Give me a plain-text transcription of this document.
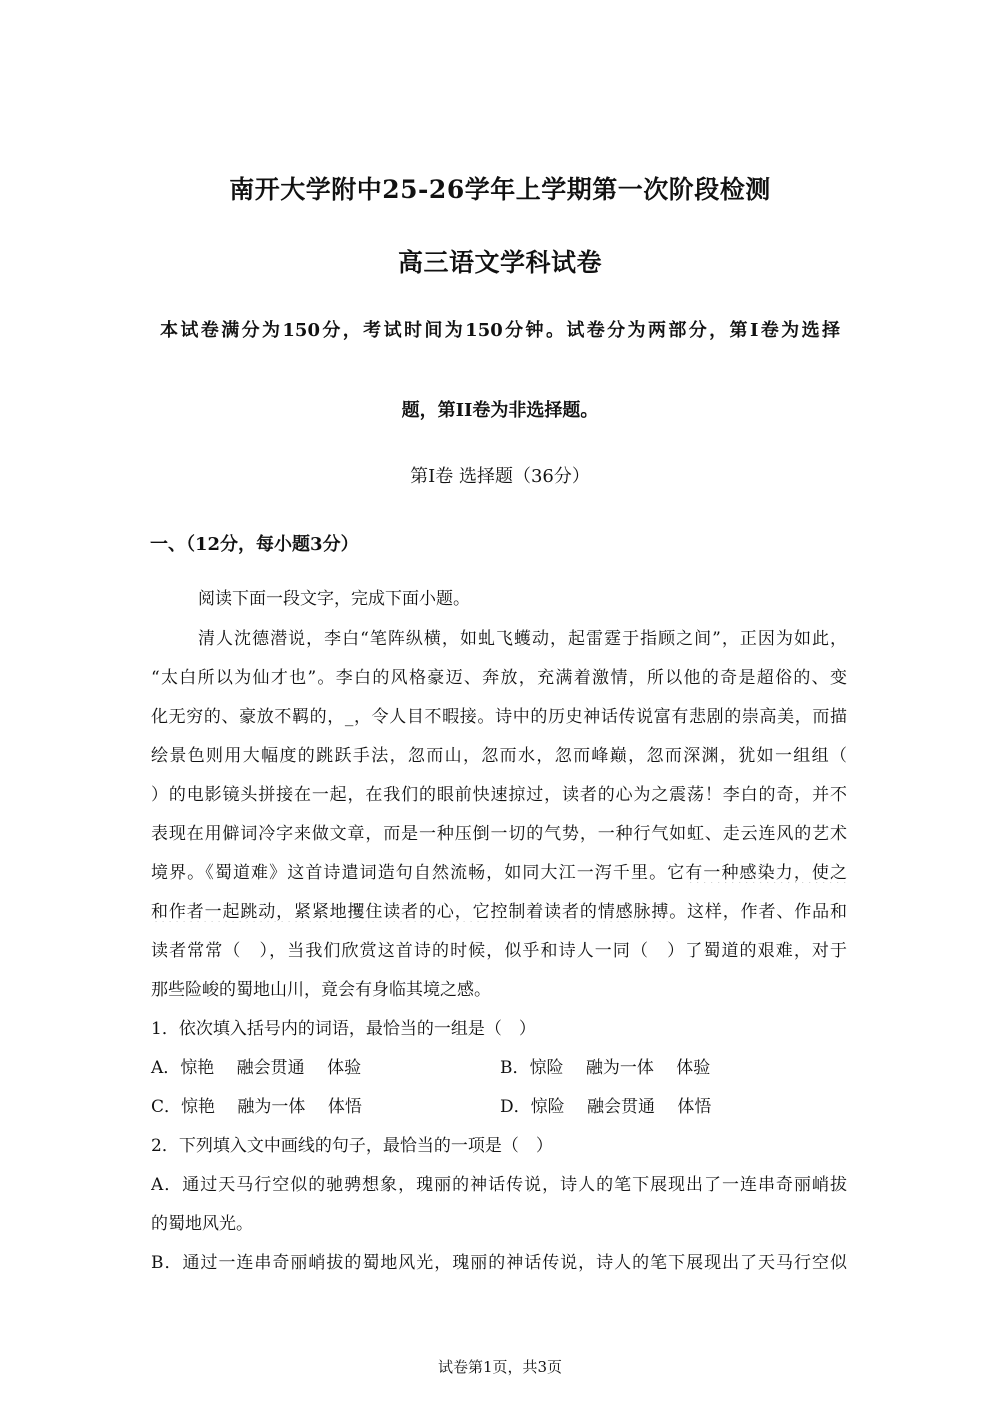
南开大学附中25-26学年上学期第一次阶段检测
高三语文学科试卷
本试卷满分为150分，考试时间为150分钟。试卷分为两部分，第Ⅰ卷为选择
题，第II卷为非选择题。
第Ⅰ卷 选择题（36分）
一、（12分，每小题3分）
阅读下面一段文字，完成下面小题。
清人沈德潜说，李白“笔阵纵横，如虬飞蠖动，起雷霆于指顾之间”，正因为如此，
“太白所以为仙才也”。李白的风格豪迈、奔放，充满着激情，所以他的奇是超俗的、变
化无穷的、豪放不羁的，_，令人目不暇接。诗中的历史神话传说富有悲剧的崇高美，而描
绘景色则用大幅度的跳跃手法，忽而山，忽而水，忽而峰巅，忽而深渊，犹如一组组（
）的电影镜头拼接在一起，在我们的眼前快速掠过，读者的心为之震荡！李白的奇，并不
表现在用僻词冷字来做文章，而是一种压倒一切的气势，一种行气如虹、走云连风的艺术
境界。《蜀道难》这首诗遣词造句自然流畅，如同大江一泻千里。它有一种感染力，使之
和作者一起跳动，紧紧地攫住读者的心，它控制着读者的情感脉搏。这样，作者、作品和
读者常常（　），当我们欣赏这首诗的时候，似乎和诗人一同（　）了蜀道的艰难，对于
那些险峻的蜀地山川，竟会有身临其境之感。
1．依次填入括号内的词语，最恰当的一组是（　）
A．惊艳　 融会贯通　 体验	B．惊险　 融为一体　 体验
C．惊艳　 融为一体　 体悟	D．惊险　 融会贯通　 体悟
2．下列填入文中画线的句子，最恰当的一项是（　）
A．通过天马行空似的驰骋想象，瑰丽的神话传说，诗人的笔下展现出了一连串奇丽峭拔
的蜀地风光。
B．通过一连串奇丽峭拔的蜀地风光，瑰丽的神话传说，诗人的笔下展现出了天马行空似
试卷第1页，共3页
